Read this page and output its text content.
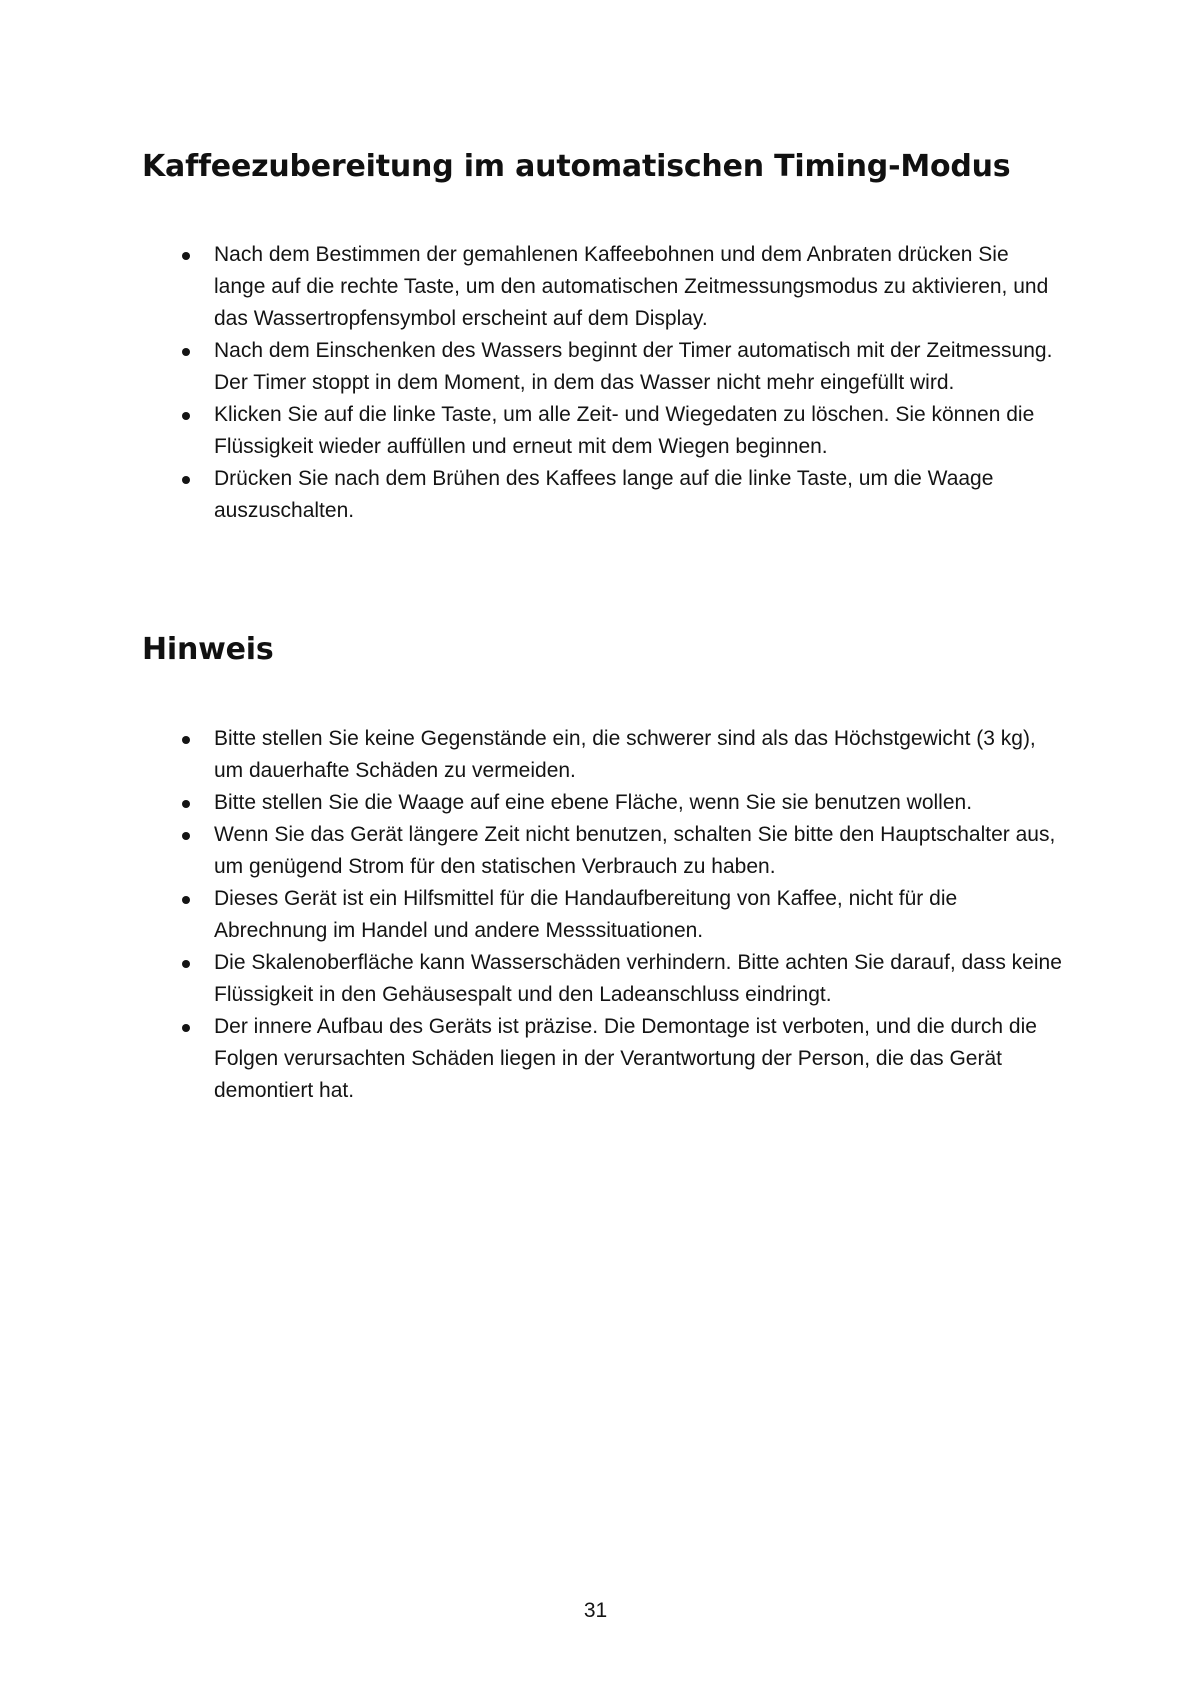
Kaffeezubereitung im automatischen Timing-Modus
Nach dem Bestimmen der gemahlenen Kaffeebohnen und dem Anbraten drücken Sie lange auf die rechte Taste, um den automatischen Zeitmessungsmodus zu aktivieren, und das Wassertropfensymbol erscheint auf dem Display.
Nach dem Einschenken des Wassers beginnt der Timer automatisch mit der Zeitmessung. Der Timer stoppt in dem Moment, in dem das Wasser nicht mehr eingefüllt wird.
Klicken Sie auf die linke Taste, um alle Zeit- und Wiegedaten zu löschen. Sie können die Flüssigkeit wieder auffüllen und erneut mit dem Wiegen beginnen.
Drücken Sie nach dem Brühen des Kaffees lange auf die linke Taste, um die Waage auszuschalten.
Hinweis
Bitte stellen Sie keine Gegenstände ein, die schwerer sind als das Höchstgewicht (3 kg), um dauerhafte Schäden zu vermeiden.
Bitte stellen Sie die Waage auf eine ebene Fläche, wenn Sie sie benutzen wollen.
Wenn Sie das Gerät längere Zeit nicht benutzen, schalten Sie bitte den Hauptschalter aus, um genügend Strom für den statischen Verbrauch zu haben.
Dieses Gerät ist ein Hilfsmittel für die Handaufbereitung von Kaffee, nicht für die Abrechnung im Handel und andere Messsituationen.
Die Skalenoberfläche kann Wasserschäden verhindern. Bitte achten Sie darauf, dass keine Flüssigkeit in den Gehäusespalt und den Ladeanschluss eindringt.
Der innere Aufbau des Geräts ist präzise. Die Demontage ist verboten, und die durch die Folgen verursachten Schäden liegen in der Verantwortung der Person, die das Gerät demontiert hat.
31
